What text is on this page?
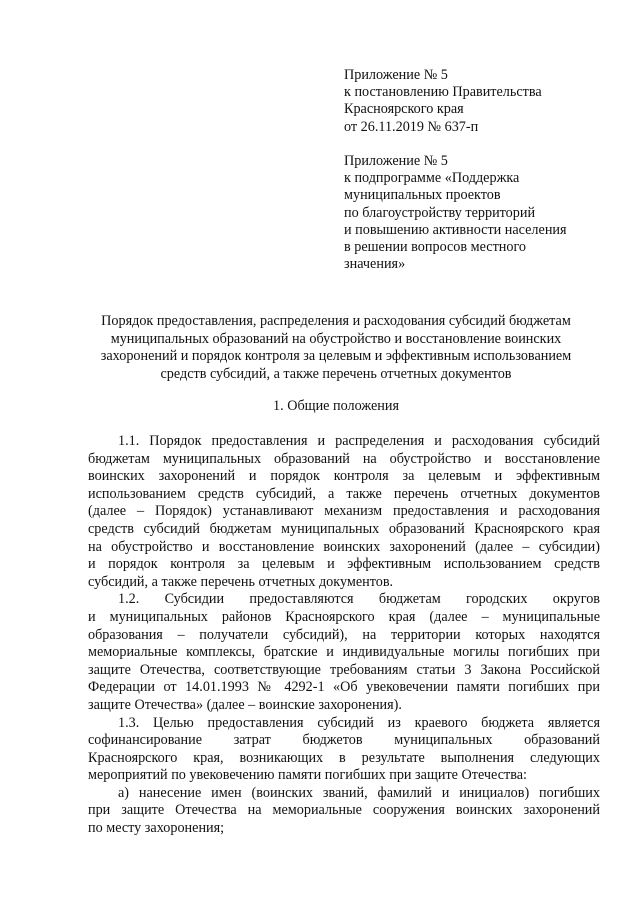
Приложение № 5
к постановлению Правительства
Красноярского края
от 26.11.2019 № 637-п
Приложение № 5
к подпрограмме «Поддержка
муниципальных проектов
по благоустройству территорий
и повышению активности населения
в решении вопросов местного
значения»
Порядок предоставления, распределения и расходования субсидий бюджетам
муниципальных образований на обустройство и восстановление воинских
захоронений и порядок контроля за целевым и эффективным использованием
средств субсидий, а также перечень отчетных документов
1. Общие положения
1.1. Порядок предоставления и распределения и расходования субсидий
бюджетам муниципальных образований на обустройство и восстановление
воинских захоронений и порядок контроля за целевым и эффективным
использованием средств субсидий, а также перечень отчетных документов
(далее – Порядок) устанавливают механизм предоставления и расходования
средств субсидий бюджетам муниципальных образований Красноярского края
на обустройство и восстановление воинских захоронений (далее – субсидии)
и порядок контроля за целевым и эффективным использованием средств
субсидий, а также перечень отчетных документов.
1.2. Субсидии предоставляются бюджетам городских округов
и муниципальных районов Красноярского края (далее – муниципальные
образования – получатели субсидий), на территории которых находятся
мемориальные комплексы, братские и индивидуальные могилы погибших при
защите Отечества, соответствующие требованиям статьи 3 Закона Российской
Федерации от 14.01.1993 № 4292-1 «Об увековечении памяти погибших при
защите Отечества» (далее – воинские захоронения).
1.3. Целью предоставления субсидий из краевого бюджета является
софинансирование затрат бюджетов муниципальных образований
Красноярского края, возникающих в результате выполнения следующих
мероприятий по увековечению памяти погибших при защите Отечества:
а) нанесение имен (воинских званий, фамилий и инициалов) погибших
при защите Отечества на мемориальные сооружения воинских захоронений
по месту захоронения;
